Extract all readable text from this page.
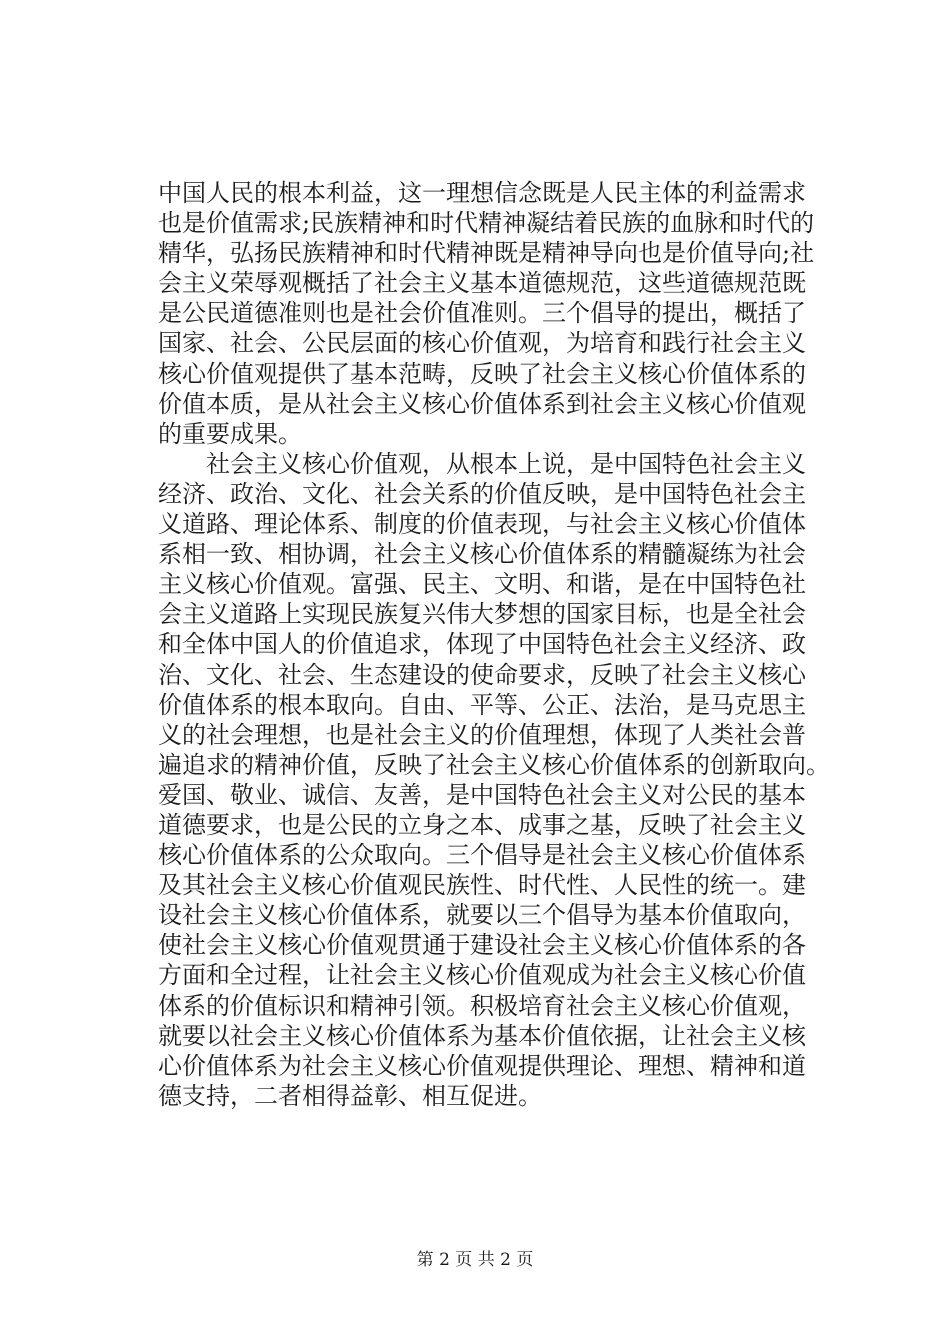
中国人民的根本利益，这一理想信念既是人民主体的利益需求
也是价值需求;民族精神和时代精神凝结着民族的血脉和时代的
精华，弘扬民族精神和时代精神既是精神导向也是价值导向;社
会主义荣辱观概括了社会主义基本道德规范，这些道德规范既
是公民道德准则也是社会价值准则。三个倡导的提出，概括了
国家、社会、公民层面的核心价值观，为培育和践行社会主义
核心价值观提供了基本范畴，反映了社会主义核心价值体系的
价值本质，是从社会主义核心价值体系到社会主义核心价值观
的重要成果。
　　社会主义核心价值观，从根本上说，是中国特色社会主义
经济、政治、文化、社会关系的价值反映，是中国特色社会主
义道路、理论体系、制度的价值表现，与社会主义核心价值体
系相一致、相协调，社会主义核心价值体系的精髓凝练为社会
主义核心价值观。富强、民主、文明、和谐，是在中国特色社
会主义道路上实现民族复兴伟大梦想的国家目标，也是全社会
和全体中国人的价值追求，体现了中国特色社会主义经济、政
治、文化、社会、生态建设的使命要求，反映了社会主义核心
价值体系的根本取向。自由、平等、公正、法治，是马克思主
义的社会理想，也是社会主义的价值理想，体现了人类社会普
遍追求的精神价值，反映了社会主义核心价值体系的创新取向。
爱国、敬业、诚信、友善，是中国特色社会主义对公民的基本
道德要求，也是公民的立身之本、成事之基，反映了社会主义
核心价值体系的公众取向。三个倡导是社会主义核心价值体系
及其社会主义核心价值观民族性、时代性、人民性的统一。建
设社会主义核心价值体系，就要以三个倡导为基本价值取向，
使社会主义核心价值观贯通于建设社会主义核心价值体系的各
方面和全过程，让社会主义核心价值观成为社会主义核心价值
体系的价值标识和精神引领。积极培育社会主义核心价值观，
就要以社会主义核心价值体系为基本价值依据，让社会主义核
心价值体系为社会主义核心价值观提供理论、理想、精神和道
德支持，二者相得益彰、相互促进。
第 2 页 共 2 页
